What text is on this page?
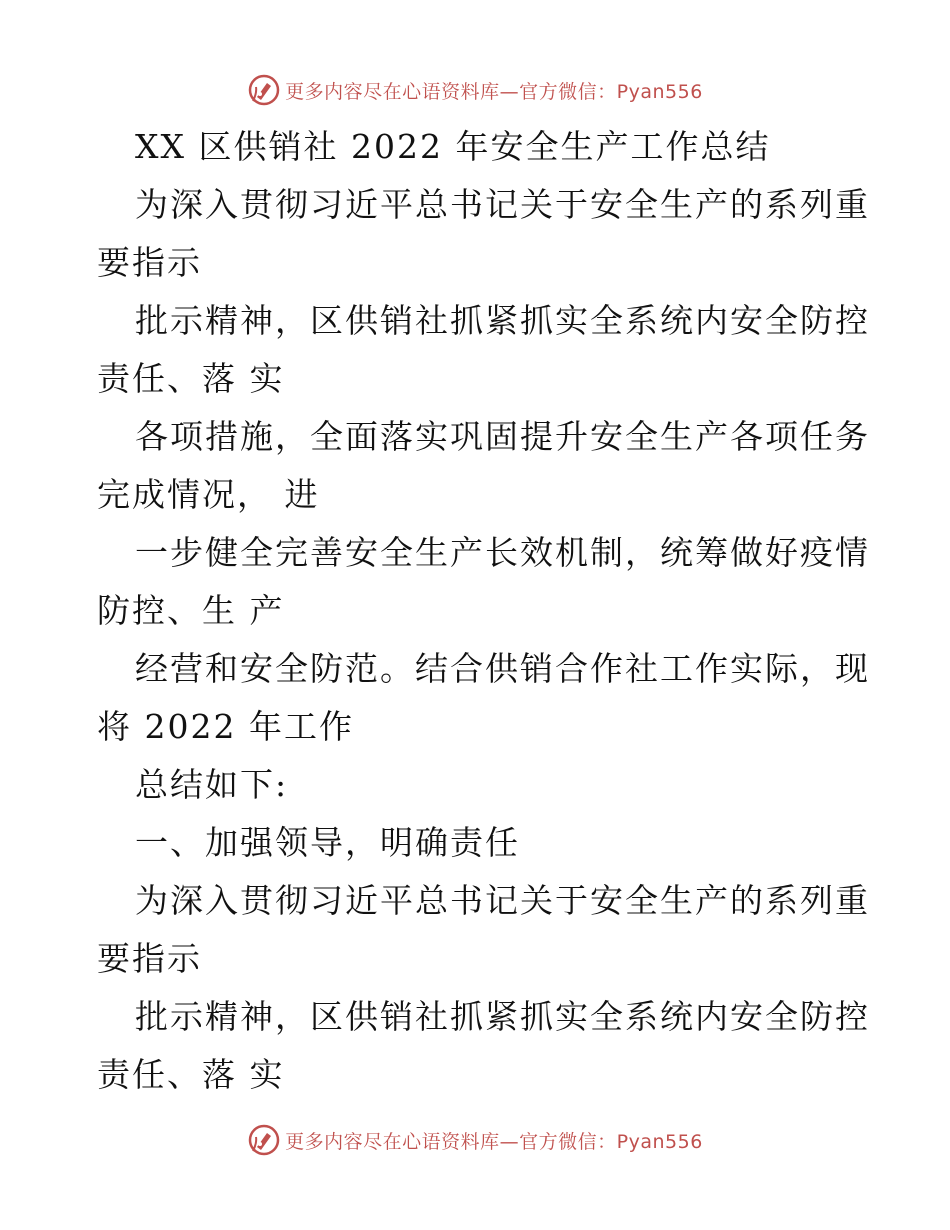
更多内容尽在心语资料库—官方微信：Pyan556
XX 区供销社 2022 年安全生产工作总结
为深入贯彻习近平总书记关于安全生产的系列重
要指示
批示精神，区供销社抓紧抓实全系统内安全防控
责任、落 实
各项措施，全面落实巩固提升安全生产各项任务
完成情况， 进
一步健全完善安全生产长效机制，统筹做好疫情
防控、生 产
经营和安全防范。结合供销合作社工作实际，现
将 2022 年工作
总结如下:
一、加强领导，明确责任
为深入贯彻习近平总书记关于安全生产的系列重
要指示
批示精神，区供销社抓紧抓实全系统内安全防控
责任、落 实
更多内容尽在心语资料库—官方微信：Pyan556
